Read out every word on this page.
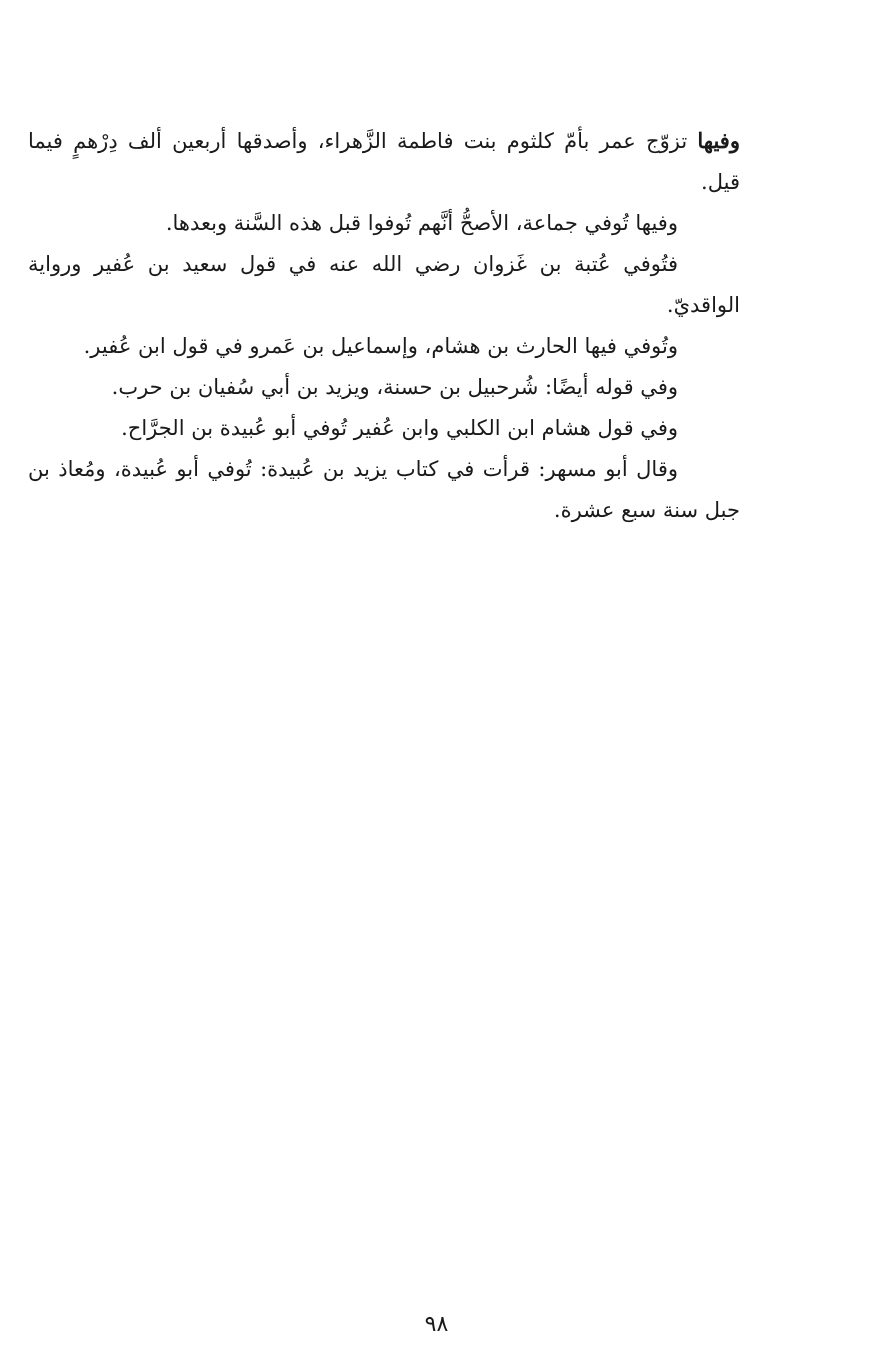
وفيها تزوّج عمر بأمّ كلثوم بنت فاطمة الزَّهراء، وأصدقها أربعين ألف دِرْهمٍ فيما قيل.

وفيها تُوفي جماعة، الأصحُّ أنَّهم تُوفوا قبل هذه السَّنة وبعدها.

فتُوفي عُتبة بن غَزوان رضي الله عنه في قول سعيد بن عُفير ورواية الواقديّ.

وتُوفي فيها الحارث بن هشام، وإسماعيل بن عَمرو في قول ابن عُفير.

وفي قوله أيضًا: شُرحبيل بن حسنة، ويزيد بن أبي سُفيان بن حرب.

وفي قول هشام ابن الكلبي وابن عُفير تُوفي أبو عُبيدة بن الجرَّاح.

وقال أبو مسهر: قرأت في كتاب يزيد بن عُبيدة: تُوفي أبو عُبيدة، ومُعاذ بن جبل سنة سبع عشرة.

٩٨
